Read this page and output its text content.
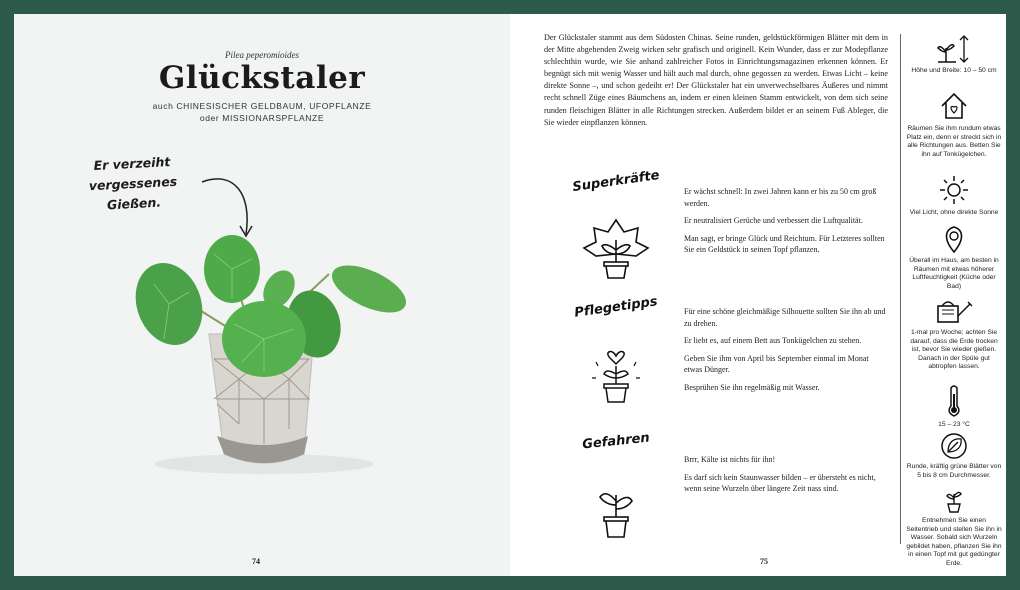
Pilea peperomioides
Glückstaler
auch CHINESISCHER GELDBAUM, UFOPFLANZE
oder MISSIONARSPFLANZE
Er verzeiht vergessenes
Gießen.
74
Der Glückstaler stammt aus dem Südosten Chinas. Seine runden, geldstückförmigen Blätter mit dem in der Mitte abgehenden Zweig wirken sehr grafisch und originell. Kein Wunder, dass er zur Modepflanze schlechthin wurde, wie Sie anhand zahlreicher Fotos in Einrichtungsmagazinen erkennen können. Er begnügt sich mit wenig Wasser und hält auch mal durch, ohne gegossen zu werden. Etwas Licht – keine direkte Sonne –, und schon gedeiht er! Der Glückstaler hat ein unverwechselbares Äußeres und nimmt recht schnell Züge eines Bäumchens an, indem er einen kleinen Stamm entwickelt, von dem sich seine runden fleischigen Blätter in alle Richtungen strecken. Außerdem bildet er an seinem Fuß Ableger, die Sie wieder einpflanzen können.
Superkräfte	Er wächst schnell: In zwei Jahren kann er bis zu 50 cm groß werden.

Er neutralisiert Gerüche und verbessert die Luftqualität.

Man sagt, er bringe Glück und Reichtum. Für Letzteres sollten Sie ein Geldstück in seinen Topf pflanzen.

Pflegetipps	Für eine schöne gleichmäßige Silhouette sollten Sie ihn ab und zu drehen.

Er liebt es, auf einem Bett aus Tonkügelchen zu stehen.

Geben Sie ihm von April bis September einmal im Monat etwas Dünger.

Besprühen Sie ihn regelmäßig mit Wasser.

Gefahren

Brrr, Kälte ist nichts für ihn!

Es darf sich kein Staunwasser bilden – er übersteht es nicht, wenn seine Wurzeln über längere Zeit nass sind.

Höhe und Breite: 10 – 50 cm
Räumen Sie ihm rundum etwas Platz ein, denn er streckt sich in alle Richtungen aus. Betten Sie ihn auf Tonkügelchen.
Viel Licht, ohne direkte Sonne
Überall im Haus, am besten in Räumen mit etwas höherer Luftfeuchtigkeit (Küche oder Bad)
1-mal pro Woche; achten Sie darauf, dass die Erde trocken ist, bevor Sie wieder gießen. Danach in der Spüle gut abtropfen lassen.
15 – 23 °C
Runde, kräftig grüne Blätter von 5 bis 8 cm Durchmesser.
Entnehmen Sie einen Seitentrieb und stellen Sie ihn in Wasser. Sobald sich Wurzeln gebildet haben, pflanzen Sie ihn in einen Topf mit gut gedüngter Erde.
75
